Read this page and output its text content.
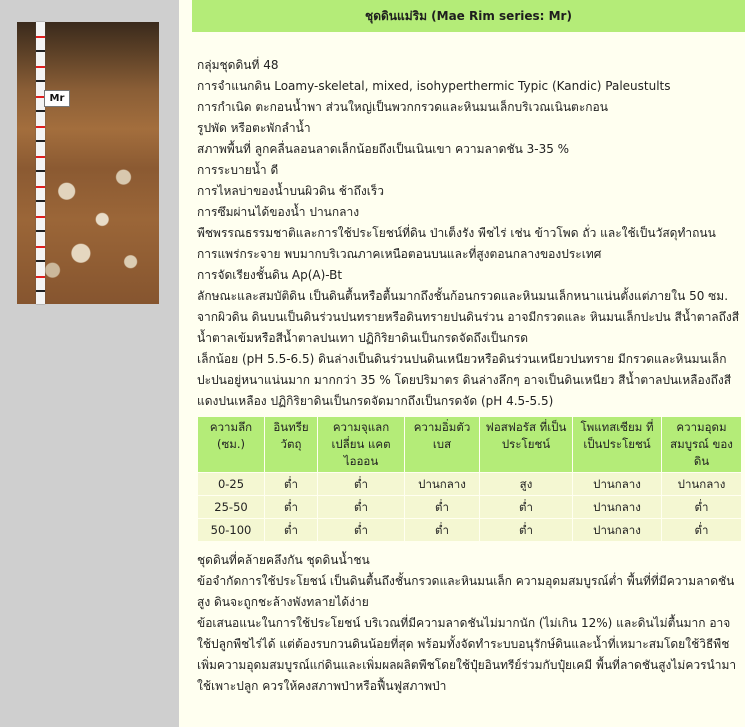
Mr
ชุดดินแม่ริม (Mae Rim series: Mr)

กลุ่มชุดดินที่ 48

การจำแนกดิน Loamy-skeletal, mixed, isohyperthermic Typic (Kandic) Paleustults

การกำเนิด ตะกอนน้ำพา ส่วนใหญ่เป็นพวกกรวดและหินมนเล็กบริเวณเนินตะกอน

รูปพัด หรือตะพักลำน้ำ

สภาพพื้นที่ ลูกคลื่นลอนลาดเล็กน้อยถึงเป็นเนินเขา ความลาดชัน 3-35 %

การระบายน้ำ ดี

การไหลบ่าของน้ำบนผิวดิน ช้าถึงเร็ว

การซึมผ่านได้ของน้ำ ปานกลาง

พืชพรรณธรรมชาติและการใช้ประโยชน์ที่ดิน ป่าเต็งรัง พืชไร่ เช่น ข้าวโพด ถั่ว และใช้เป็นวัสดุทำถนน

การแพร่กระจาย พบมากบริเวณภาคเหนือตอนบนและที่สูงตอนกลางของประเทศ

การจัดเรียงชั้นดิน Ap(A)-Bt

ลักษณะและสมบัติดิน เป็นดินตื้นหรือตื้นมากถึงชั้นก้อนกรวดและหินมนเล็กหนาแน่นตั้งแต่ภายใน 50 ซม. จากผิวดิน ดินบนเป็นดินร่วนปนทรายหรือดินทรายปนดินร่วน อาจมีกรวดและ หินมนเล็กปะปน สีน้ำตาลถึงสีน้ำตาลเข้มหรือสีน้ำตาลปนเทา ปฏิกิริยาดินเป็นกรดจัดถึงเป็นกรด

เล็กน้อย (pH 5.5-6.5) ดินล่างเป็นดินร่วนปนดินเหนียวหรือดินร่วนเหนียวปนทราย มีกรวดและหินมนเล็กปะปนอยู่หนาแน่นมาก มากกว่า 35 % โดยปริมาตร ดินล่างลึกๆ อาจเป็นดินเหนียว สีน้ำตาลปนเหลืองถึงสีแดงปนเหลือง ปฏิกิริยาดินเป็นกรดจัดมากถึงเป็นกรดจัด (pH 4.5-5.5)

ความลึก (ซม.)	อินทรีย วัตถุ	ความจุแลก เปลี่ยน แคตไอออน	ความอิ่มตัว เบส	ฟอสฟอรัส ที่เป็นประโยชน์	โพแทสเซียม ที่เป็นประโยชน์	ความอุดม สมบูรณ์ ของดิน
0-25	ต่ำ	ต่ำ	ปานกลาง	สูง	ปานกลาง	ปานกลาง
25-50	ต่ำ	ต่ำ	ต่ำ	ต่ำ	ปานกลาง	ต่ำ
50-100	ต่ำ	ต่ำ	ต่ำ	ต่ำ	ปานกลาง	ต่ำ

ชุดดินที่คล้ายคลึงกัน ชุดดินน้ำชน

ข้อจำกัดการใช้ประโยชน์ เป็นดินตื้นถึงชั้นกรวดและหินมนเล็ก ความอุดมสมบูรณ์ต่ำ พื้นที่ที่มีความลาดชันสูง ดินจะถูกชะล้างพังทลายได้ง่าย

ข้อเสนอแนะในการใช้ประโยชน์ บริเวณที่มีความลาดชันไม่มากนัก (ไม่เกิน 12%) และดินไม่ตื้นมาก อาจใช้ปลูกพืชไร่ได้ แต่ต้องรบกวนดินน้อยที่สุด พร้อมทั้งจัดทำระบบอนุรักษ์ดินและน้ำที่เหมาะสมโดยใช้วิธีพืช เพิ่มความอุดมสมบูรณ์แก่ดินและเพิ่มผลผลิตพืชโดยใช้ปุ๋ยอินทรีย์ร่วมกับปุ๋ยเคมี พื้นที่ลาดชันสูงไม่ควรนำมาใช้เพาะปลูก ควรให้คงสภาพป่าหรือฟื้นฟูสภาพป่า
